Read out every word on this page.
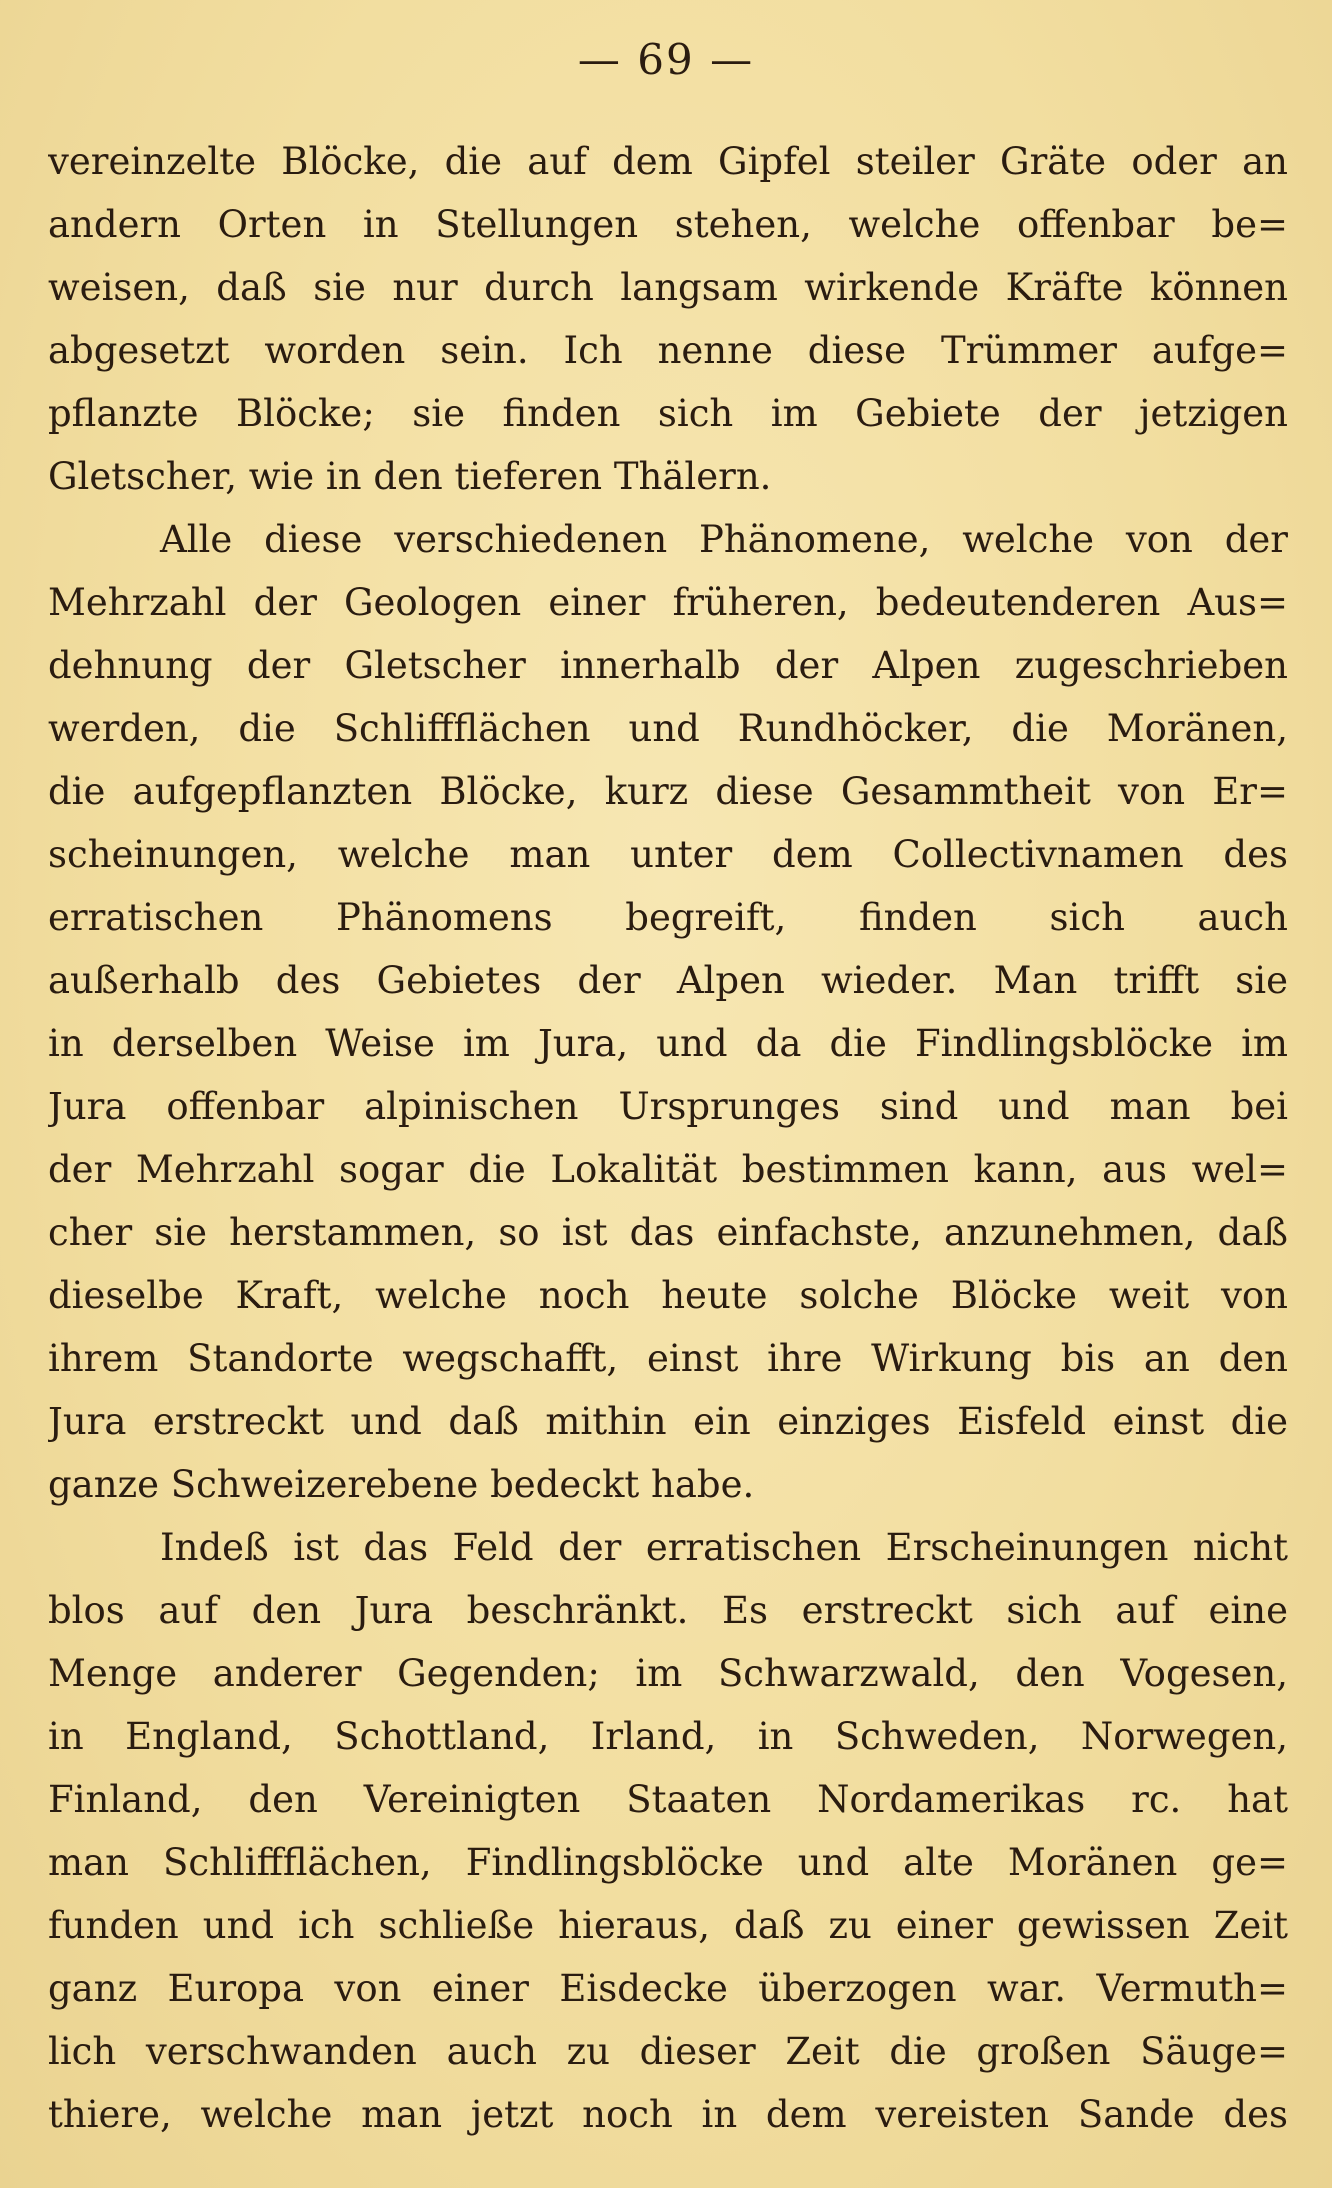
— 69 —
vereinzelte Blöcke, die auf dem Gipfel steiler Gräte oder an
andern Orten in Stellungen stehen, welche offenbar be=
weisen, daß sie nur durch langsam wirkende Kräfte können
abgesetzt worden sein. Ich nenne diese Trümmer aufge=
pflanzte Blöcke; sie finden sich im Gebiete der jetzigen
Gletscher, wie in den tieferen Thälern.
Alle diese verschiedenen Phänomene, welche von der
Mehrzahl der Geologen einer früheren, bedeutenderen Aus=
dehnung der Gletscher innerhalb der Alpen zugeschrieben
werden, die Schliffflächen und Rundhöcker, die Moränen,
die aufgepflanzten Blöcke, kurz diese Gesammtheit von Er=
scheinungen, welche man unter dem Collectivnamen des
erratischen Phänomens begreift, finden sich auch
außerhalb des Gebietes der Alpen wieder. Man trifft sie
in derselben Weise im Jura, und da die Findlingsblöcke im
Jura offenbar alpinischen Ursprunges sind und man bei
der Mehrzahl sogar die Lokalität bestimmen kann, aus wel=
cher sie herstammen, so ist das einfachste, anzunehmen, daß
dieselbe Kraft, welche noch heute solche Blöcke weit von
ihrem Standorte wegschafft, einst ihre Wirkung bis an den
Jura erstreckt und daß mithin ein einziges Eisfeld einst die
ganze Schweizerebene bedeckt habe.
Indeß ist das Feld der erratischen Erscheinungen nicht
blos auf den Jura beschränkt. Es erstreckt sich auf eine
Menge anderer Gegenden; im Schwarzwald, den Vogesen,
in England, Schottland, Irland, in Schweden, Norwegen,
Finland, den Vereinigten Staaten Nordamerikas rc. hat
man Schliffflächen, Findlingsblöcke und alte Moränen ge=
funden und ich schließe hieraus, daß zu einer gewissen Zeit
ganz Europa von einer Eisdecke überzogen war. Vermuth=
lich verschwanden auch zu dieser Zeit die großen Säuge=
thiere, welche man jetzt noch in dem vereisten Sande des
